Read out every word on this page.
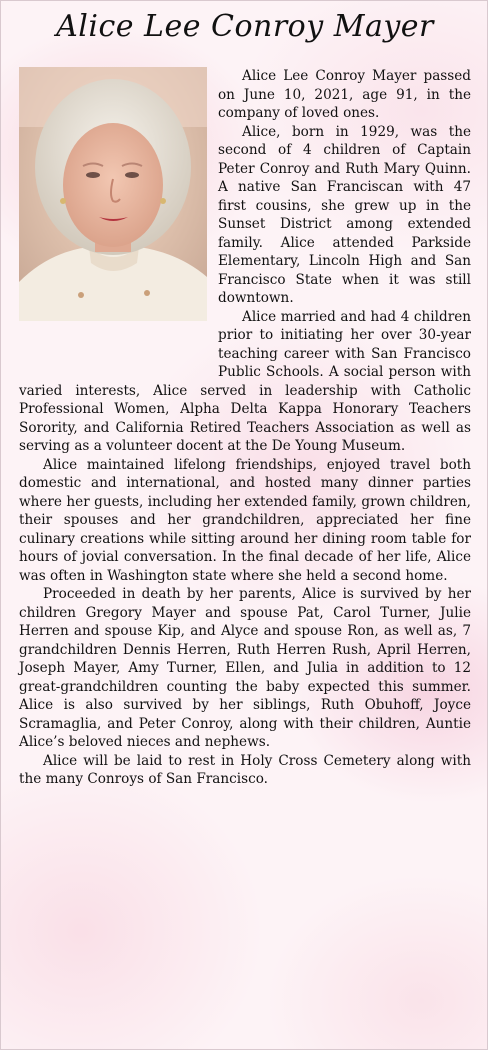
Alice Lee Conroy Mayer

Alice Lee Conroy Mayer passed on June 10, 2021, age 91, in the company of loved ones.

Alice, born in 1929, was the second of 4 children of Captain Peter Conroy and Ruth Mary Quinn. A native San Franciscan with 47 first cousins, she grew up in the Sunset District among extended family. Alice attended Parkside Elementary, Lincoln High and San Francisco State when it was still downtown.

Alice married and had 4 children prior to initiating her over 30-year teaching career with San Francisco Public Schools. A social person with varied interests, Alice served in leadership with Catholic Professional Women, Alpha Delta Kappa Honorary Teachers Sorority, and California Retired Teachers Association as well as serving as a volunteer docent at the De Young Museum.

Alice maintained lifelong friendships, enjoyed travel both domestic and international, and hosted many dinner parties where her guests, including her extended family, grown children, their spouses and her grandchildren, appreciated her fine culinary creations while sitting around her dining room table for hours of jovial conversation. In the final decade of her life, Alice was often in Washington state where she held a second home.

Proceeded in death by her parents, Alice is survived by her children Gregory Mayer and spouse Pat, Carol Turner, Julie Herren and spouse Kip, and Alyce and spouse Ron, as well as, 7 grandchildren Dennis Herren, Ruth Herren Rush, April Herren, Joseph Mayer, Amy Turner, Ellen, and Julia in addition to 12 great-grandchildren counting the baby expected this summer. Alice is also survived by her siblings, Ruth Obuhoff, Joyce Scramaglia, and Peter Conroy, along with their children, Auntie Alice’s beloved nieces and nephews.

Alice will be laid to rest in Holy Cross Cemetery along with the many Conroys of San Francisco.
